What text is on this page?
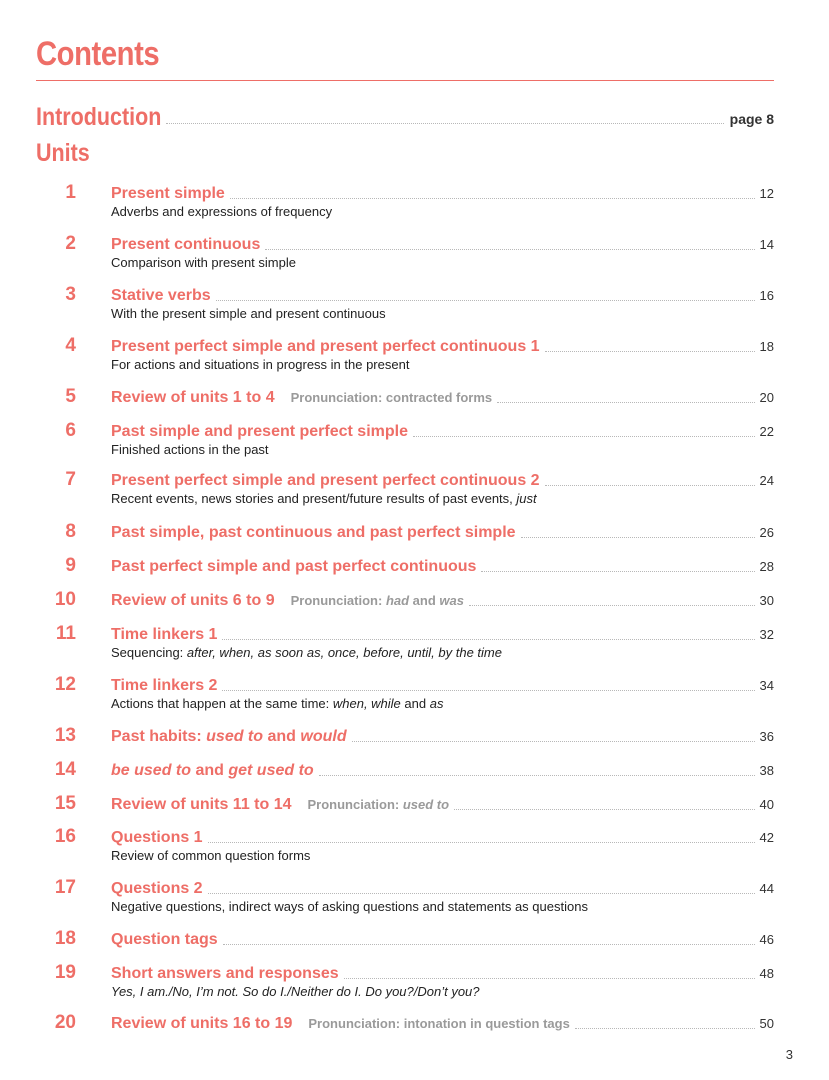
Contents
Introduction	page 8
Units
1 Present simple	12
Adverbs and expressions of frequency
2 Present continuous	14
Comparison with present simple
3 Stative verbs	16
With the present simple and present continuous
4 Present perfect simple and present perfect continuous 1	18
For actions and situations in progress in the present
5 Review of units 1 to 4 Pronunciation: contracted forms	20
6 Past simple and present perfect simple	22
Finished actions in the past
7 Present perfect simple and present perfect continuous 2	24
Recent events, news stories and present/future results of past events, just
8 Past simple, past continuous and past perfect simple	26
9 Past perfect simple and past perfect continuous	28
10 Review of units 6 to 9 Pronunciation: had and was	30
11 Time linkers 1	32
Sequencing: after, when, as soon as, once, before, until, by the time
12 Time linkers 2	34
Actions that happen at the same time: when, while and as
13 Past habits: used to and would	36
14 be used to and get used to	38
15 Review of units 11 to 14 Pronunciation: used to	40
16 Questions 1	42
Review of common question forms
17 Questions 2	44
Negative questions, indirect ways of asking questions and statements as questions
18 Question tags	46
19 Short answers and responses	48
Yes, I am./No, I’m not. So do I./Neither do I. Do you?/Don’t you?
20 Review of units 16 to 19 Pronunciation: intonation in question tags	50
3
